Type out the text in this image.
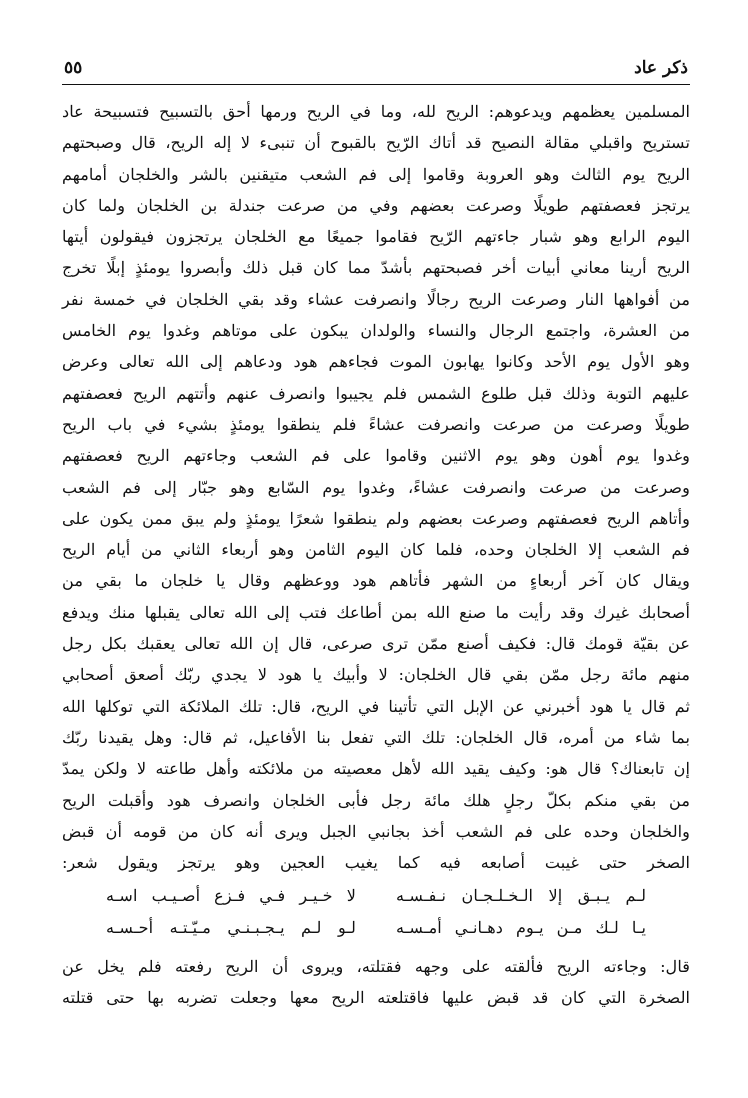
ذكر عاد
٥٥
المسلمين يعظمهم ويدعوهم: الريح لله، وما في الريح ورمها أحق بالتسبيح فتسبيحة عاد
تستريح واقبلي مقالة النصيح قد أتاك الرّيح بالقبوح أن تنبىء لا إله الريح، قال وصبحتهم
الريح يوم الثالث وهو العروبة وقاموا إلى فم الشعب متيقنين بالشر والخلجان أمامهم
يرتجز فعصفتهم طويلًا وصرعت بعضهم وفي من صرعت جندلة بن الخلجان ولما كان
اليوم الرابع وهو شبار جاءتهم الرّيح فقاموا جميعًا مع الخلجان يرتجزون فيقولون أيتها
الريح أرينا معاني أبيات أخر فصبحتهم بأشدّ مما كان قبل ذلك وأبصروا يومئذٍ إبلًا تخرج
من أفواهها النار وصرعت الريح رجالًا وانصرفت عشاء وقد بقي الخلجان في خمسة نفر
من العشرة، واجتمع الرجال والنساء والولدان يبكون على موتاهم وغدوا يوم الخامس
وهو الأول يوم الأحد وكانوا يهابون الموت فجاءهم هود ودعاهم إلى الله تعالى وعرض
عليهم التوبة وذلك قبل طلوع الشمس فلم يجيبوا وانصرف عنهم وأتتهم الريح فعصفتهم
طويلًا وصرعت من صرعت وانصرفت عشاءً فلم ينطقوا يومئذٍ بشيء في باب الريح
وغدوا يوم أهون وهو يوم الاثنين وقاموا على فم الشعب وجاءتهم الريح فعصفتهم
وصرعت من صرعت وانصرفت عشاءً، وغدوا يوم السّابع وهو جبّار إلى فم الشعب
وأتاهم الريح فعصفتهم وصرعت بعضهم ولم ينطقوا شعرًا يومئذٍ ولم يبق ممن يكون على
فم الشعب إلا الخلجان وحده، فلما كان اليوم الثامن وهو أربعاء الثاني من أيام الريح
ويقال كان آخر أربعاءٍ من الشهر فأتاهم هود ووعظهم وقال يا خلجان ما بقي من
أصحابك غيرك وقد رأيت ما صنع الله بمن أطاعك فتب إلى الله تعالى يقبلها منك ويدفع
عن بقيّة قومك قال: فكيف أصنع ممّن ترى صرعى، قال إن الله تعالى يعقبك بكل رجل
منهم مائة رجل ممّن بقي قال الخلجان: لا وأبيك يا هود لا يجدي ربّك أصعق أصحابي
ثم قال يا هود أخبرني عن الإبل التي تأتينا في الريح، قال: تلك الملائكة التي توكلها الله
بما شاء من أمره، قال الخلجان: تلك التي تفعل بنا الأفاعيل، ثم قال: وهل يقيدنا ربّك
إن تابعناك؟ قال هو: وكيف يقيد الله لأهل معصيته من ملائكته وأهل طاعته لا ولكن يمدّ
من بقي منكم بكلّ رجلٍ هلك مائة رجل فأبى الخلجان وانصرف هود وأقبلت الريح
والخلجان وحده على فم الشعب أخذ بجانبي الجبل ويرى أنه كان من قومه أن قبض
الصخر حتى غيبت أصابعه فيه كما يغيب العجين وهو يرتجز ويقول شعر:
لـم يـبـق إلا الـخـلـجـان نـفـسـه
لا خـيـر فـي فـزع أصـيـب اسـه
يـا لـك مـن يـوم دهـانـي أمـسـه
لـو لـم يـجـبـنـي مـيّـتـه أحـسـه
قال: وجاءته الريح فألقته على وجهه فقتلته، ويروى أن الريح رفعته فلم يخل عن
الصخرة التي كان قد قبض عليها فاقتلعته الريح معها وجعلت تضربه بها حتى قتلته
